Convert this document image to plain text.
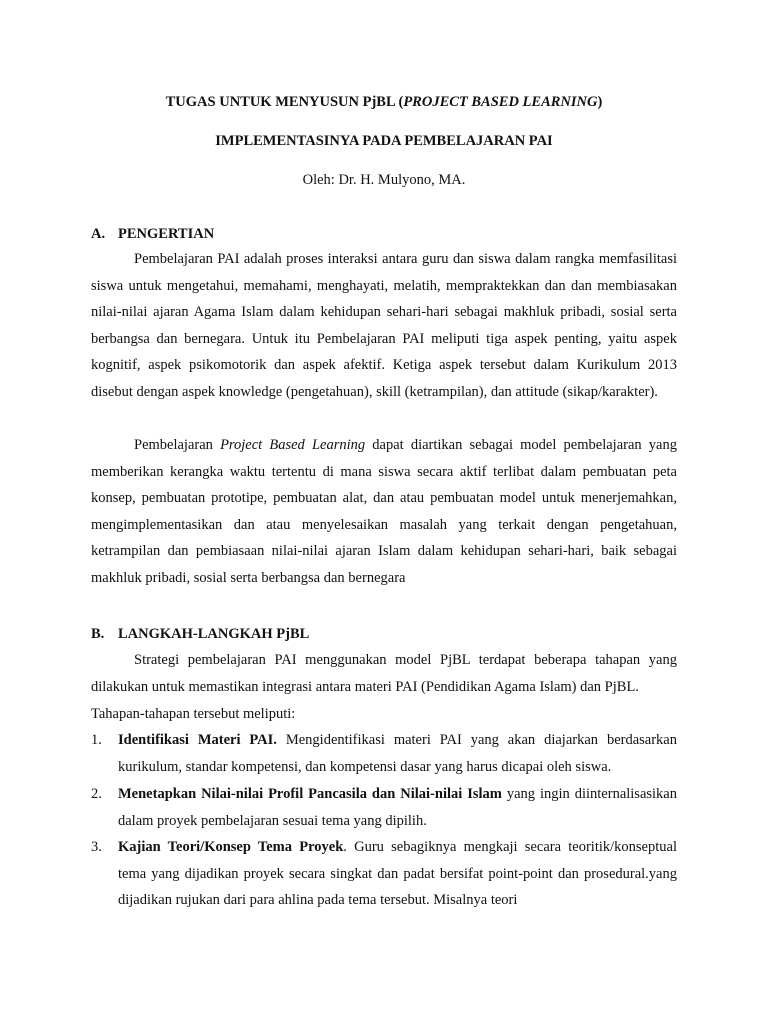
TUGAS UNTUK MENYUSUN PjBL (PROJECT BASED LEARNING)
IMPLEMENTASINYA PADA PEMBELAJARAN PAI
Oleh: Dr. H. Mulyono, MA.
A. PENGERTIAN
Pembelajaran PAI adalah proses interaksi antara guru dan siswa dalam rangka memfasilitasi siswa untuk mengetahui, memahami, menghayati, melatih, mempraktekkan dan dan membiasakan nilai-nilai ajaran Agama Islam dalam kehidupan sehari-hari sebagai makhluk pribadi, sosial serta berbangsa dan bernegara. Untuk itu Pembelajaran PAI meliputi tiga aspek penting, yaitu aspek kognitif, aspek psikomotorik dan aspek afektif. Ketiga aspek tersebut dalam Kurikulum 2013 disebut dengan aspek knowledge (pengetahuan), skill (ketrampilan), dan attitude (sikap/karakter).
Pembelajaran Project Based Learning dapat diartikan sebagai model pembelajaran yang memberikan kerangka waktu tertentu di mana siswa secara aktif terlibat dalam pembuatan peta konsep, pembuatan prototipe, pembuatan alat, dan atau pembuatan model untuk menerjemahkan, mengimplementasikan dan atau menyelesaikan masalah yang terkait dengan pengetahuan, ketrampilan dan pembiasaan nilai-nilai ajaran Islam dalam kehidupan sehari-hari, baik sebagai makhluk pribadi, sosial serta berbangsa dan bernegara
B. LANGKAH-LANGKAH PjBL
Strategi pembelajaran PAI menggunakan model PjBL terdapat beberapa tahapan yang dilakukan untuk memastikan integrasi antara materi PAI (Pendidikan Agama Islam) dan PjBL.
Tahapan-tahapan tersebut meliputi:
1.	Identifikasi Materi PAI. Mengidentifikasi materi PAI yang akan diajarkan berdasarkan kurikulum, standar kompetensi, dan kompetensi dasar yang harus dicapai oleh siswa.
2.	Menetapkan Nilai-nilai Profil Pancasila dan Nilai-nilai Islam yang ingin diinternalisasikan dalam proyek pembelajaran sesuai tema yang dipilih.
3.	Kajian Teori/Konsep Tema Proyek. Guru sebagiknya mengkaji secara teoritik/konseptual tema yang dijadikan proyek secara singkat dan padat bersifat point-point dan prosedural.yang dijadikan rujukan dari para ahlina pada tema tersebut. Misalnya teori
